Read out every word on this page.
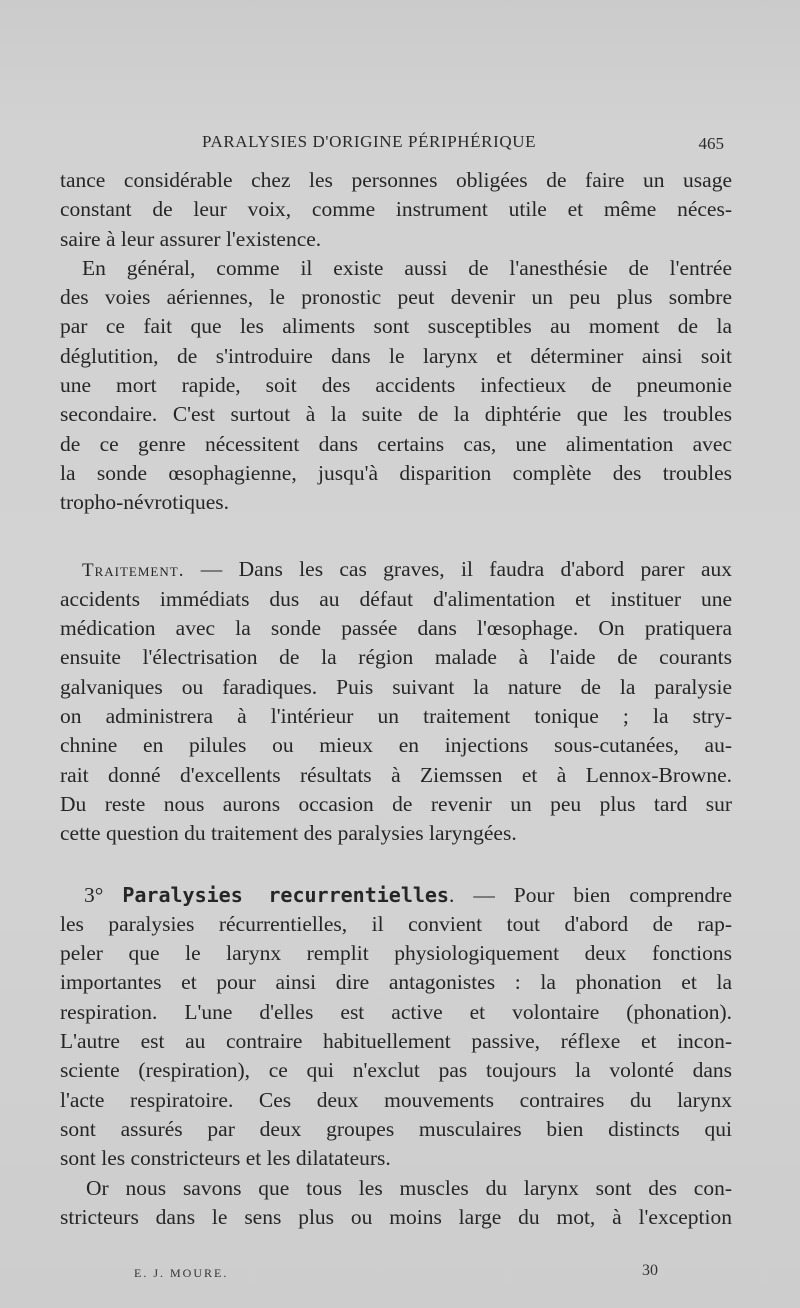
PARALYSIES D'ORIGINE PÉRIPHÉRIQUE	465

tance considérable chez les personnes obligées de faire un usage
constant de leur voix, comme instrument utile et même néces-
saire à leur assurer l'existence.

En général, comme il existe aussi de l'anesthésie de l'entrée
des voies aériennes, le pronostic peut devenir un peu plus sombre
par ce fait que les aliments sont susceptibles au moment de la
déglutition, de s'introduire dans le larynx et déterminer ainsi soit
une mort rapide, soit des accidents infectieux de pneumonie
secondaire. C'est surtout à la suite de la diphtérie que les troubles
de ce genre nécessitent dans certains cas, une alimentation avec
la sonde œsophagienne, jusqu'à disparition complète des troubles
tropho-névrotiques.

Traitement. — Dans les cas graves, il faudra d'abord parer aux
accidents immédiats dus au défaut d'alimentation et instituer une
médication avec la sonde passée dans l'œsophage. On pratiquera
ensuite l'électrisation de la région malade à l'aide de courants
galvaniques ou faradiques. Puis suivant la nature de la paralysie
on administrera à l'intérieur un traitement tonique ; la stry-
chnine en pilules ou mieux en injections sous-cutanées, au-
rait donné d'excellents résultats à Ziemssen et à Lennox-Browne.
Du reste nous aurons occasion de revenir un peu plus tard sur
cette question du traitement des paralysies laryngées.

3° Paralysies recurrentielles. — Pour bien comprendre
les paralysies récurrentielles, il convient tout d'abord de rap-
peler que le larynx remplit physiologiquement deux fonctions
importantes et pour ainsi dire antagonistes : la phonation et la
respiration. L'une d'elles est active et volontaire (phonation).
L'autre est au contraire habituellement passive, réflexe et incon-
sciente (respiration), ce qui n'exclut pas toujours la volonté dans
l'acte respiratoire. Ces deux mouvements contraires du larynx
sont assurés par deux groupes musculaires bien distincts qui
sont les constricteurs et les dilatateurs.

Or nous savons que tous les muscles du larynx sont des con-
stricteurs dans le sens plus ou moins large du mot, à l'exception

E. J. MOURE.	30
